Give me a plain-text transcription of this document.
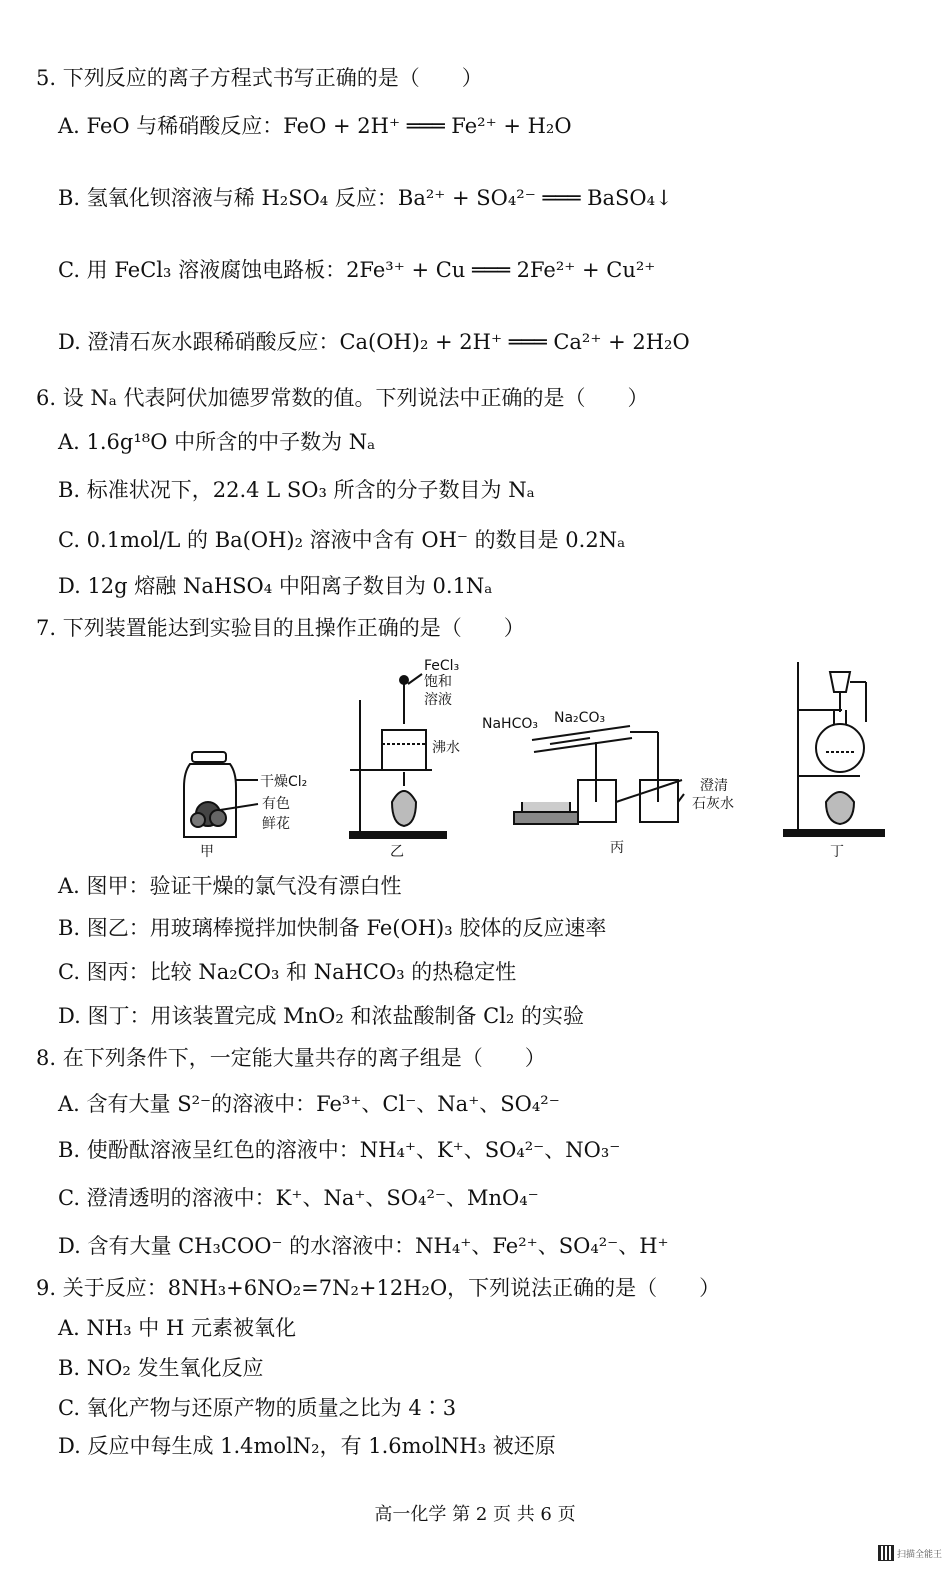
5. 下列反应的离子方程式书写正确的是（　　）
A. FeO 与稀硝酸反应：FeO + 2H⁺ ═══ Fe²⁺ + H₂O
B. 氢氧化钡溶液与稀 H₂SO₄ 反应：Ba²⁺ + SO₄²⁻ ═══ BaSO₄↓
C. 用 FeCl₃ 溶液腐蚀电路板：2Fe³⁺ + Cu ═══ 2Fe²⁺ + Cu²⁺
D. 澄清石灰水跟稀硝酸反应：Ca(OH)₂ + 2H⁺ ═══ Ca²⁺ + 2H₂O
6. 设 Nₐ 代表阿伏加德罗常数的值。下列说法中正确的是（　　）
A. 1.6g¹⁸O 中所含的中子数为 Nₐ
B. 标准状况下，22.4 L SO₃ 所含的分子数目为 Nₐ
C. 0.1mol/L 的 Ba(OH)₂ 溶液中含有 OH⁻ 的数目是 0.2Nₐ
D. 12g 熔融 NaHSO₄ 中阳离子数目为 0.1Nₐ
7. 下列装置能达到实验目的且操作正确的是（　　）
干燥Cl₂
有色
鲜花
FeCl₃
饱和
溶液
沸水
NaHCO₃ Na₂CO₃
澄清
石灰水
甲	乙	丙	丁
A. 图甲：验证干燥的氯气没有漂白性
B. 图乙：用玻璃棒搅拌加快制备 Fe(OH)₃ 胶体的反应速率
C. 图丙：比较 Na₂CO₃ 和 NaHCO₃ 的热稳定性
D. 图丁：用该装置完成 MnO₂ 和浓盐酸制备 Cl₂ 的实验
8. 在下列条件下，一定能大量共存的离子组是（　　）
A. 含有大量 S²⁻的溶液中：Fe³⁺、Cl⁻、Na⁺、SO₄²⁻
B. 使酚酞溶液呈红色的溶液中：NH₄⁺、K⁺、SO₄²⁻、NO₃⁻
C. 澄清透明的溶液中：K⁺、Na⁺、SO₄²⁻、MnO₄⁻
D. 含有大量 CH₃COO⁻ 的水溶液中：NH₄⁺、Fe²⁺、SO₄²⁻、H⁺
9. 关于反应：8NH₃+6NO₂=7N₂+12H₂O，下列说法正确的是（　　）
A. NH₃ 中 H 元素被氧化
B. NO₂ 发生氧化反应
C. 氧化产物与还原产物的质量之比为 4∶3
D. 反应中每生成 1.4molN₂，有 1.6molNH₃ 被还原
高一化学 第 2 页 共 6 页
扫描全能王
